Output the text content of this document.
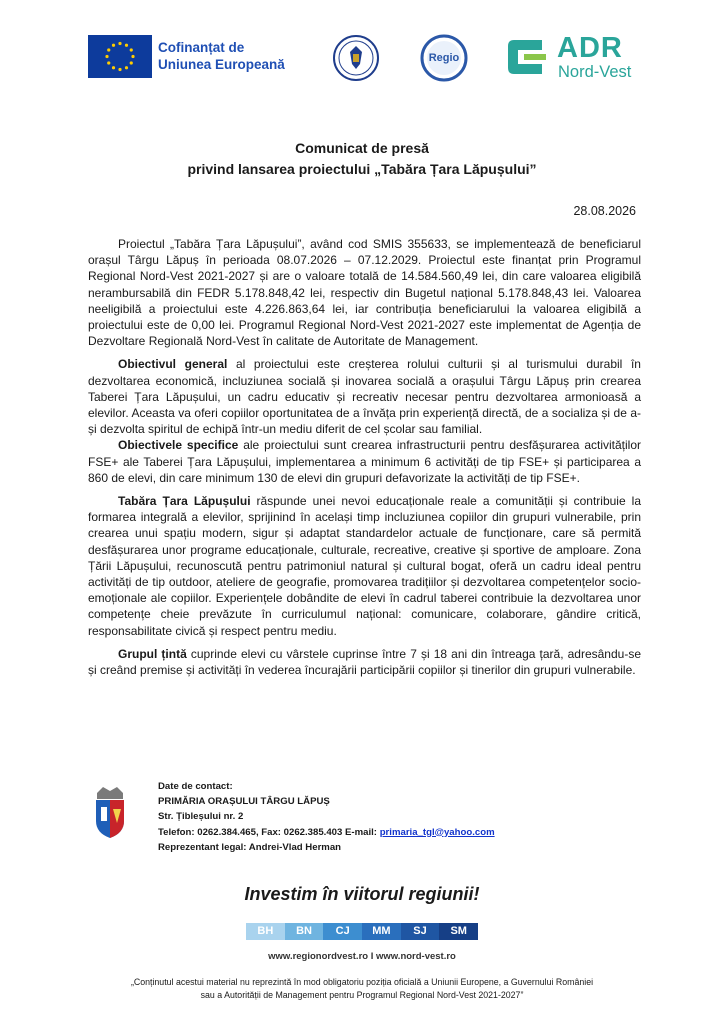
Cofinanțat de
Uniunea Europeană	Regio	ADR
Nord-Vest
Comunicat de presă
privind lansarea proiectului „Tabăra Țara Lăpușului”
28.08.2026

Proiectul „Tabăra Țara Lăpușului”, având cod SMIS 355633, se implementează de beneficiarul orașul Târgu Lăpuș în perioada 08.07.2026 – 07.12.2029. Proiectul este finanțat prin Programul Regional Nord-Vest 2021-2027 și are o valoare totală de 14.584.560,49 lei, din care valoarea eligibilă nerambursabilă din FEDR 5.178.848,42 lei, respectiv din Bugetul național 5.178.848,43 lei. Valoarea neeligibilă a proiectului este 4.226.863,64 lei, iar contribuția beneficiarului la valoarea eligibilă a proiectului este de 0,00 lei. Programul Regional Nord-Vest 2021-2027 este implementat de Agenția de Dezvoltare Regională Nord-Vest în calitate de Autoritate de Management.

Obiectivul general al proiectului este creșterea rolului culturii și al turismului durabil în dezvoltarea economică, incluziunea socială și inovarea socială a orașului Târgu Lăpuș prin crearea Taberei Țara Lăpușului, un cadru educativ și recreativ necesar pentru dezvoltarea armonioasă a elevilor. Aceasta va oferi copiilor oportunitatea de a învăța prin experiență directă, de a socializa și de a-și dezvolta spiritul de echipă într-un mediu diferit de cel școlar sau familial.

Obiectivele specifice ale proiectului sunt crearea infrastructurii pentru desfășurarea activităților FSE+ ale Taberei Țara Lăpușului, implementarea a minimum 6 activități de tip FSE+ și participarea a 860 de elevi, din care minimum 130 de elevi din grupuri defavorizate la activități de tip FSE+.

Tabăra Țara Lăpușului răspunde unei nevoi educaționale reale a comunității și contribuie la formarea integrală a elevilor, sprijinind în același timp incluziunea copiilor din grupuri vulnerabile, prin crearea unui spațiu modern, sigur și adaptat standardelor actuale de funcționare, care să permită desfășurarea unor programe educaționale, culturale, recreative, creative și sportive de amploare. Zona Țării Lăpușului, recunoscută pentru patrimoniul natural și cultural bogat, oferă un cadru ideal pentru activități de tip outdoor, ateliere de geografie, promovarea tradițiilor și dezvoltarea competențelor socio-emoționale ale copiilor. Experiențele dobândite de elevi în cadrul taberei contribuie la dezvoltarea unor competențe cheie prevăzute în curriculumul național: comunicare, colaborare, gândire critică, responsabilitate civică și respect pentru mediu.

Grupul țintă cuprinde elevi cu vârstele cuprinse între 7 și 18 ani din întreaga țară, adresându-se și creând premise și activități în vederea încurajării participării copiilor și tinerilor din grupuri vulnerabile.

Date de contact:
PRIMĂRIA ORAȘULUI TÂRGU LĂPUȘ
Str. Țibleșului nr. 2
Telefon: 0262.384.465, Fax: 0262.385.403 E-mail: primaria_tgl@yahoo.com
Reprezentant legal: Andrei-Vlad Herman
Investim în viitorul regiunii!
BH	BN	CJ	MM	SJ	SM
www.regionordvest.ro I www.nord-vest.ro
„Conținutul acestui material nu reprezintă în mod obligatoriu poziția oficială a Uniunii Europene, a Guvernului României
sau a Autorității de Management pentru Programul Regional Nord-Vest 2021-2027”
